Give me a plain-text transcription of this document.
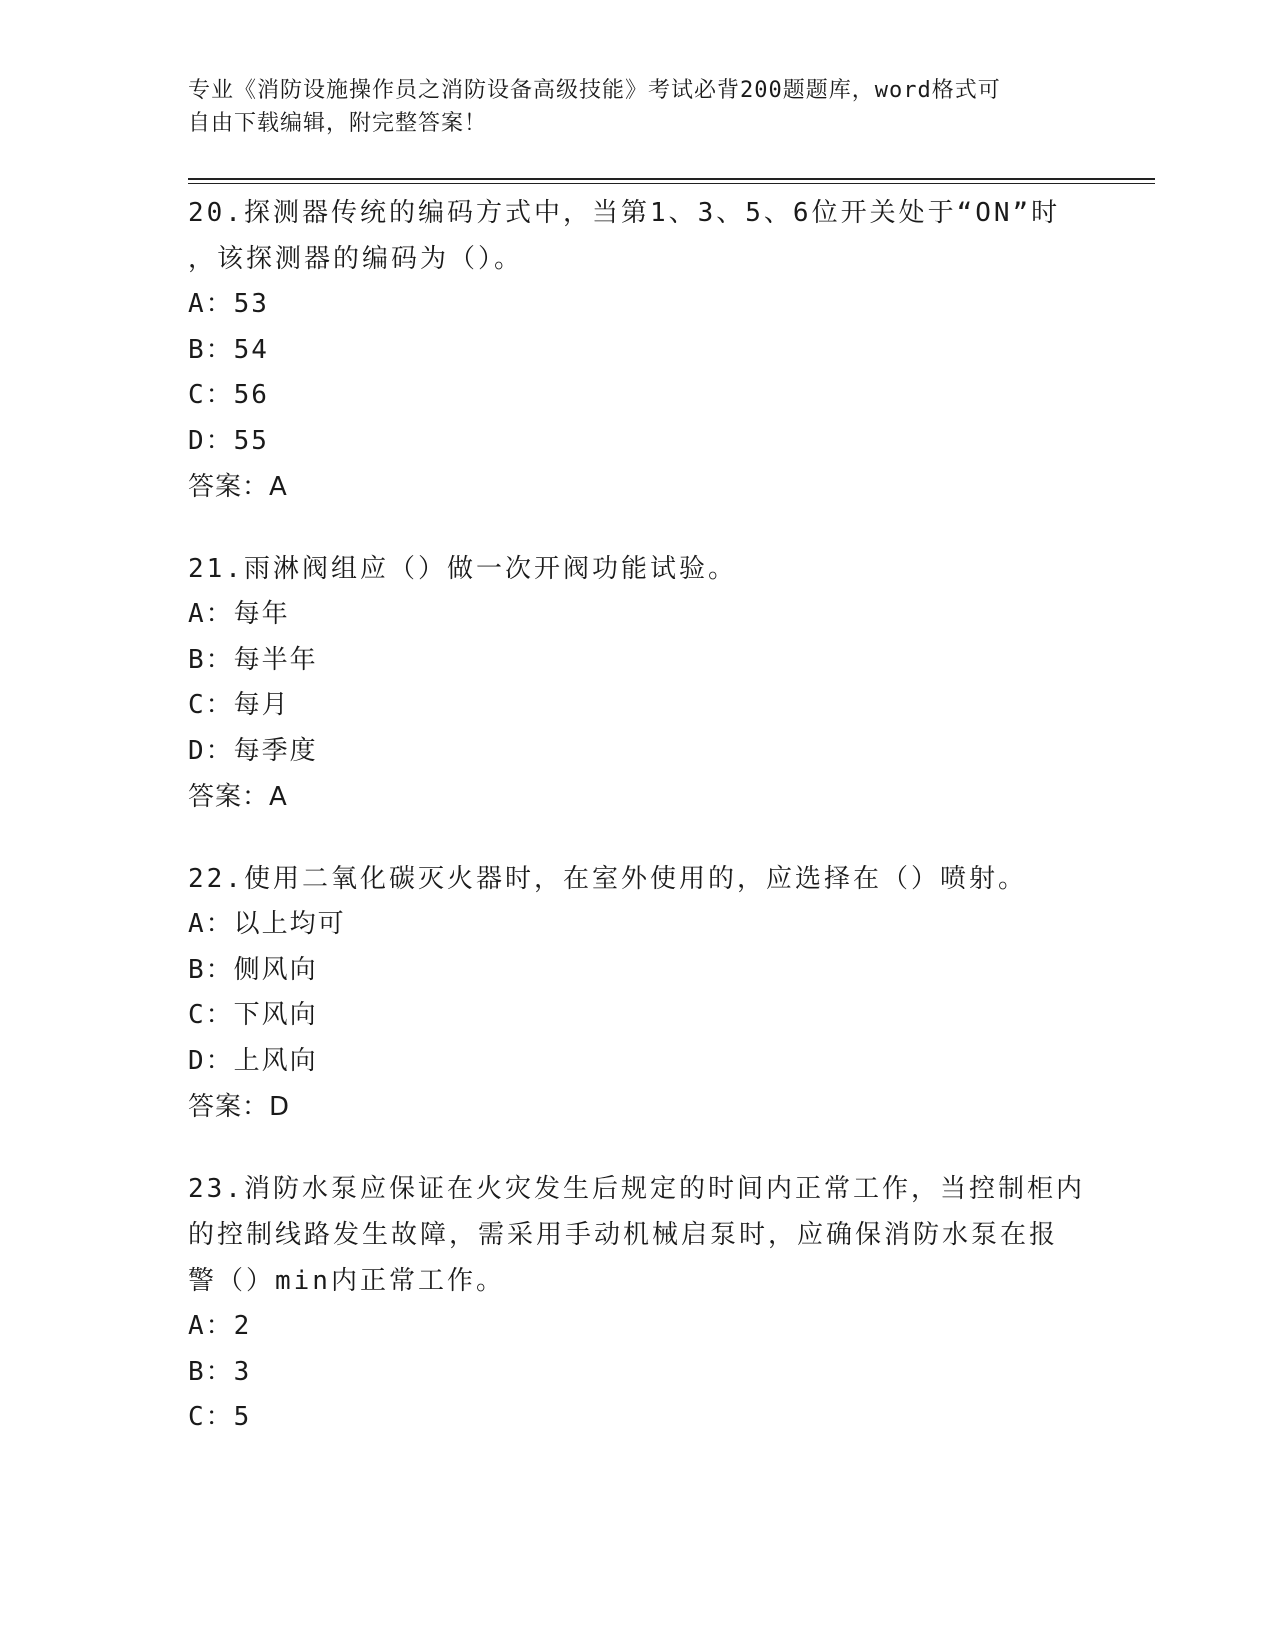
专业《消防设施操作员之消防设备高级技能》考试必背200题题库，word格式可
自由下载编辑，附完整答案！
20.探测器传统的编码方式中，当第1、3、5、6位开关处于“ON”时
，该探测器的编码为（）。
A：53
B：54
C：56
D：55
答案：A
21.雨淋阀组应（）做一次开阀功能试验。
A：每年
B：每半年
C：每月
D：每季度
答案：A
22.使用二氧化碳灭火器时，在室外使用的，应选择在（）喷射。
A：以上均可
B：侧风向
C：下风向
D：上风向
答案：D
23.消防水泵应保证在火灾发生后规定的时间内正常工作，当控制柜内
的控制线路发生故障，需采用手动机械启泵时，应确保消防水泵在报
警（）min内正常工作。
A：2
B：3
C：5
